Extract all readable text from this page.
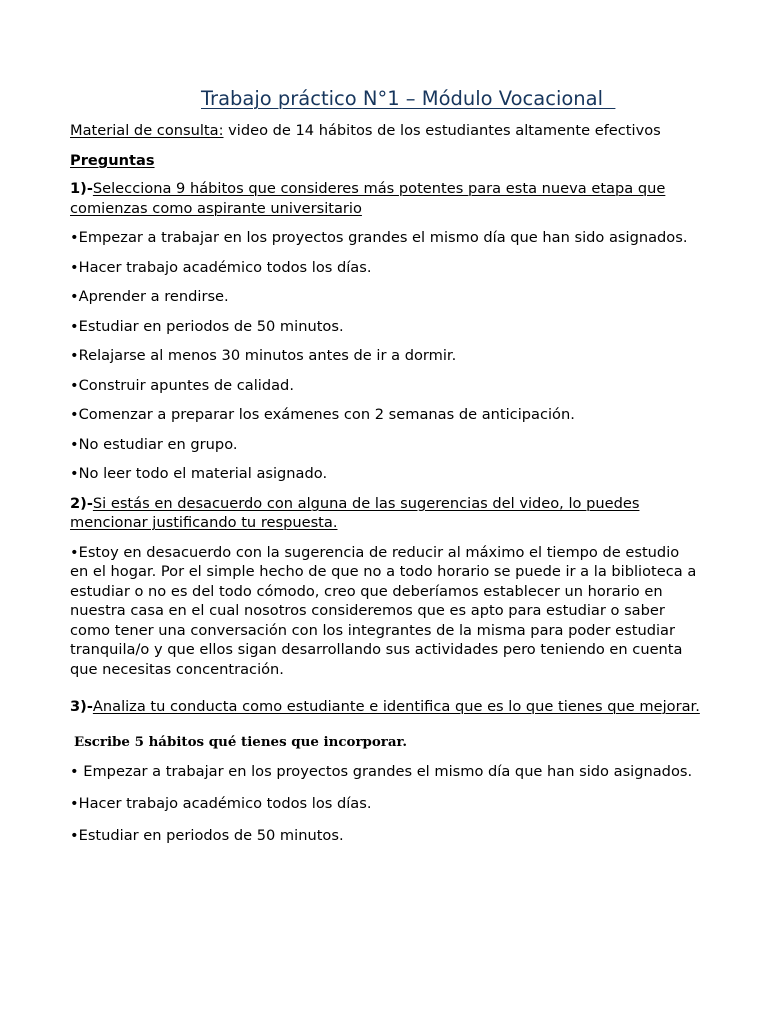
Trabajo práctico N°1 – Módulo Vocacional

Material de consulta: video de 14 hábitos de los estudiantes altamente efectivos

Preguntas

1)-Selecciona 9 hábitos que consideres más potentes para esta nueva etapa que comienzas como aspirante universitario

•Empezar a trabajar en los proyectos grandes el mismo día que han sido asignados.

•Hacer trabajo académico todos los días.

•Aprender a rendirse.

•Estudiar en periodos de 50 minutos.

•Relajarse al menos 30 minutos antes de ir a dormir.

•Construir apuntes de calidad.

•Comenzar a preparar los exámenes con 2 semanas de anticipación.

•No estudiar en grupo.

•No leer todo el material asignado.

2)-Si estás en desacuerdo con alguna de las sugerencias del video, lo puedes mencionar justificando tu respuesta.

•Estoy en desacuerdo con la sugerencia de reducir al máximo el tiempo de estudio en el hogar. Por el simple hecho de que no a todo horario se puede ir a la biblioteca a estudiar o no es del todo cómodo, creo que deberíamos establecer un horario en nuestra casa en el cual nosotros consideremos que es apto para estudiar o saber como tener una conversación con los integrantes de la misma para poder estudiar tranquila/o y que ellos sigan desarrollando sus actividades pero teniendo en cuenta que necesitas concentración.

3)-Analiza tu conducta como estudiante e identifica que es lo que tienes que mejorar.

Escribe 5 hábitos qué tienes que incorporar.

• Empezar a trabajar en los proyectos grandes el mismo día que han sido asignados.

•Hacer trabajo académico todos los días.

•Estudiar en periodos de 50 minutos.
